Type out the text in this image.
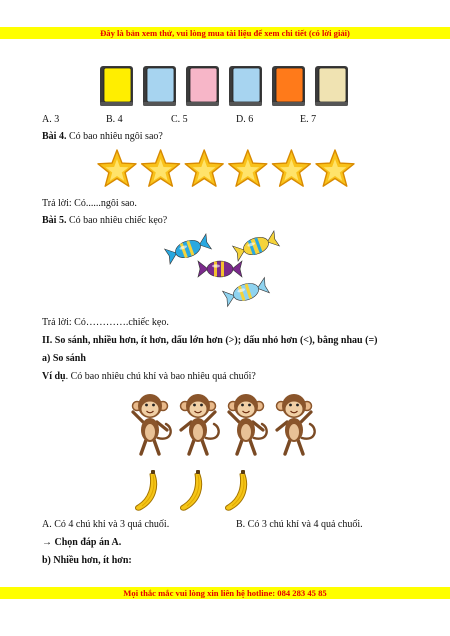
Đây là bản xem thử, vui lòng mua tài liệu để xem chi tiết (có lời giải)
A. 3	B. 4	C. 5	D. 6	E. 7
Bài 4. Có bao nhiêu ngôi sao?
Trả lời: Có......ngôi sao.
Bài 5. Có bao nhiêu chiếc kẹo?
Trả lời: Có………….chiếc kẹo.
II. So sánh, nhiều hơn, ít hơn, dấu lớn hơn (>); dấu nhỏ hơn (<), bằng nhau (=)
a) So sánh
Ví dụ. Có bao nhiêu chú khỉ và bao nhiêu quả chuối?
A. Có 4 chú khỉ và 3 quả chuối.	B. Có 3 chú khỉ và 4 quả chuối.
→ Chọn đáp án A.
b) Nhiều hơn, ít hơn:
Mọi thắc mắc vui lòng xin liên hệ hotline: 084 283 45 85
